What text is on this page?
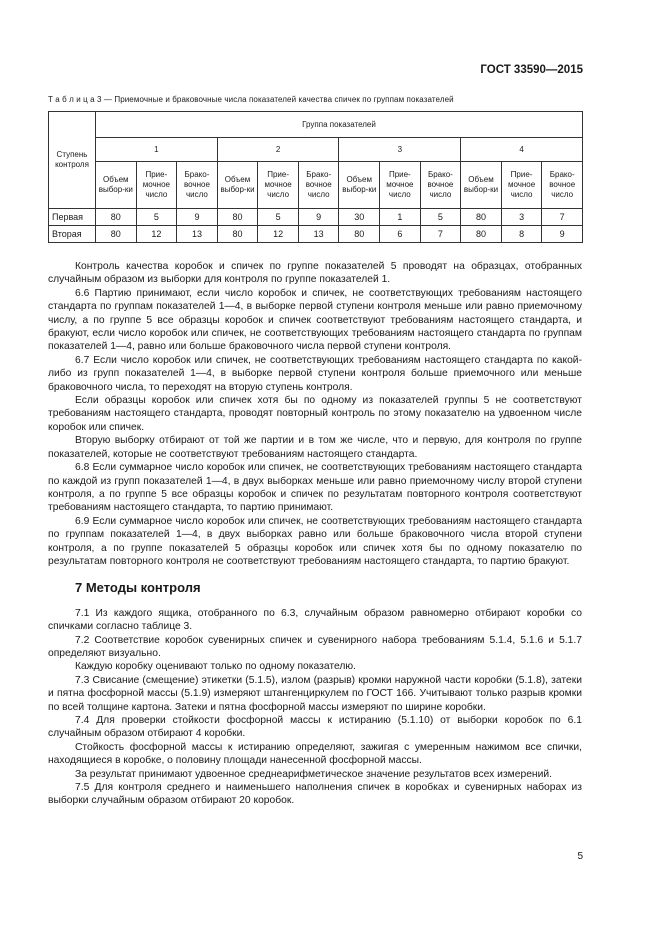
ГОСТ 33590—2015
Т а б л и ц а 3 — Приемочные и браковочные числа показателей качества спичек по группам показателей
Ступень контроля	Группа показателей											
	1			2			3			4		
	Объем выбор-ки	Прие-мочное число	Брако-вочное число	Объем выбор-ки	Прие-мочное число	Брако-вочное число	Объем выбор-ки	Прие-мочное число	Брако-вочное число	Объем выбор-ки	Прие-мочное число	Брако-вочное число
Первая	80	5	9	80	5	9	30	1	5	80	3	7
Вторая	80	12	13	80	12	13	80	6	7	80	8	9

Контроль качества коробок и спичек по группе показателей 5 проводят на образцах, отобранных случайным образом из выборки для контроля по группе показателей 1.

6.6 Партию принимают, если число коробок и спичек, не соответствующих требованиям настоящего стандарта по группам показателей 1—4, в выборке первой ступени контроля меньше или равно приемочному числу, а по группе 5 все образцы коробок и спичек соответствуют требованиям настоящего стандарта, и бракуют, если число коробок или спичек, не соответствующих требованиям настоящего стандарта по группам показателей 1—4, равно или больше браковочного числа первой ступени контроля.

6.7 Если число коробок или спичек, не соответствующих требованиям настоящего стандарта по какой-либо из групп показателей 1—4, в выборке первой ступени контроля больше приемочного или меньше браковочного числа, то переходят на вторую ступень контроля.

Если образцы коробок или спичек хотя бы по одному из показателей группы 5 не соответствуют требованиям настоящего стандарта, проводят повторный контроль по этому показателю на удвоенном числе коробок или спичек.

Вторую выборку отбирают от той же партии и в том же числе, что и первую, для контроля по группе показателей, которые не соответствуют требованиям настоящего стандарта.

6.8 Если суммарное число коробок или спичек, не соответствующих требованиям настоящего стандарта по каждой из групп показателей 1—4, в двух выборках меньше или равно приемочному числу второй ступени контроля, а по группе 5 все образцы коробок и спичек по результатам повторного контроля соответствуют требованиям настоящего стандарта, то партию принимают.

6.9 Если суммарное число коробок или спичек, не соответствующих требованиям настоящего стандарта по группам показателей 1—4, в двух выборках равно или больше браковочного числа второй ступени контроля, а по группе показателей 5 образцы коробок или спичек хотя бы по одному показателю по результатам повторного контроля не соответствуют требованиям настоящего стандарта, то партию бракуют.

7 Методы контроля

7.1 Из каждого ящика, отобранного по 6.3, случайным образом равномерно отбирают коробки со спичками согласно таблице 3.

7.2 Соответствие коробок сувенирных спичек и сувенирного набора требованиям 5.1.4, 5.1.6 и 5.1.7 определяют визуально.

Каждую коробку оценивают только по одному показателю.

7.3 Свисание (смещение) этикетки (5.1.5), излом (разрыв) кромки наружной части коробки (5.1.8), затеки и пятна фосфорной массы (5.1.9) измеряют штангенциркулем по ГОСТ 166. Учитывают только разрыв кромки по всей толщине картона. Затеки и пятна фосфорной массы измеряют по ширине коробки.

7.4 Для проверки стойкости фосфорной массы к истиранию (5.1.10) от выборки коробок по 6.1 случайным образом отбирают 4 коробки.

Стойкость фосфорной массы к истиранию определяют, зажигая с умеренным нажимом все спички, находящиеся в коробке, о половину площади нанесенной фосфорной массы.

За результат принимают удвоенное среднеарифметическое значение результатов всех измерений.

7.5 Для контроля среднего и наименьшего наполнения спичек в коробках и сувенирных наборах из выборки случайным образом отбирают 20 коробок.

5
